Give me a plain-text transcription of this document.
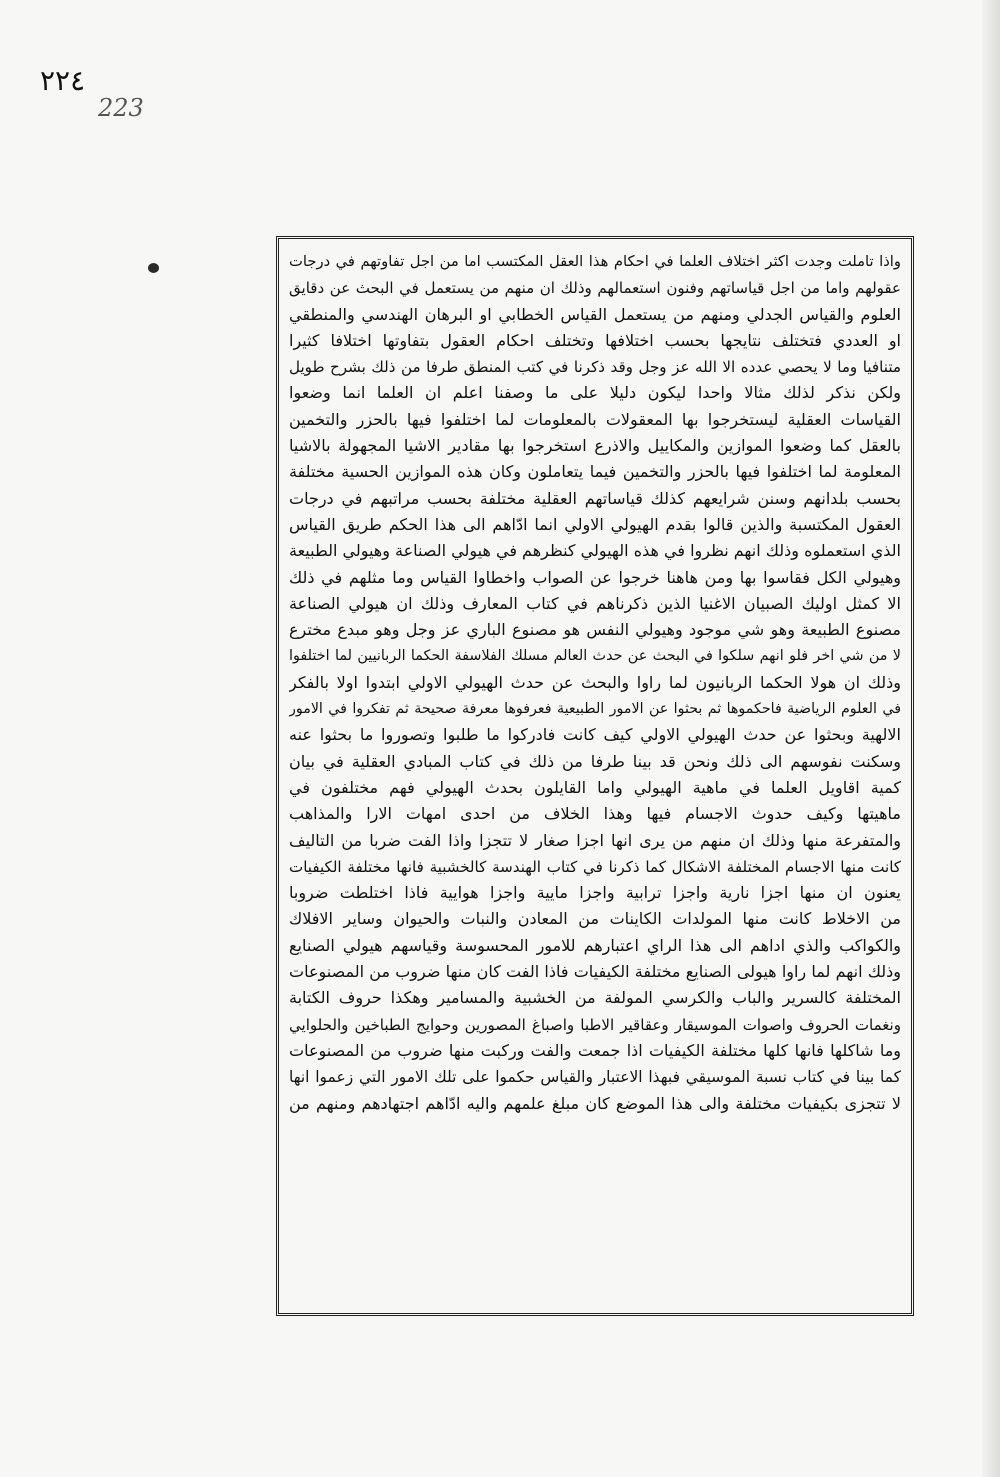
٢٢٤
223

واذا تاملت وجدت اكثر اختلاف العلما في احكام هذا العقل المكتسب اما من اجل تفاوتهم في درجات

عقولهم واما من اجل قياساتهم وفنون استعمالهم وذلك ان منهم من يستعمل في البحث عن دقايق

العلوم والقياس الجدلي ومنهم من يستعمل القياس الخطابي او البرهان الهندسي والمنطقي

او العددي فتختلف نتايجها بحسب اختلافها وتختلف احكام العقول بتفاوتها اختلافا كثيرا

متنافيا وما لا يحصي عدده الا الله عز وجل وقد ذكرنا في كتب المنطق طرفا من ذلك بشرح طويل

ولكن نذكر لذلك مثالا واحدا ليكون دليلا على ما وصفنا اعلم ان العلما انما وضعوا

القياسات العقلية ليستخرجوا بها المعقولات بالمعلومات لما اختلفوا فيها بالحزر والتخمين

بالعقل كما وضعوا الموازين والمكاييل والاذرع استخرجوا بها مقادير الاشيا المجهولة بالاشيا

المعلومة لما اختلفوا فيها بالحزر والتخمين فيما يتعاملون وكان هذه الموازين الحسية مختلفة

بحسب بلدانهم وسنن شرايعهم كذلك قياساتهم العقلية مختلفة بحسب مراتبهم في درجات

العقول المكتسبة والذين قالوا بقدم الهيولي الاولي انما ادّاهم الى هذا الحكم طريق القياس

الذي استعملوه وذلك انهم نظروا في هذه الهيولي كنظرهم في هيولي الصناعة وهيولي الطبيعة

وهيولي الكل فقاسوا بها ومن هاهنا خرجوا عن الصواب واخطاوا القياس وما مثلهم في ذلك

الا كمثل اوليك الصبيان الاغنيا الذين ذكرناهم في كتاب المعارف وذلك ان هيولي الصناعة

مصنوع الطبيعة وهو شي موجود وهيولي النفس هو مصنوع الباري عز وجل وهو مبدع مخترع

لا من شي اخر فلو انهم سلكوا في البحث عن حدث العالم مسلك الفلاسفة الحكما الربانيين لما اختلفوا

وذلك ان هولا الحكما الربانيون لما راوا والبحث عن حدث الهيولي الاولي ابتدوا اولا بالفكر

في العلوم الرياضية فاحكموها ثم بحثوا عن الامور الطبيعية فعرفوها معرفة صحيحة ثم تفكروا في الامور

الالهية وبحثوا عن حدث الهيولي الاولي كيف كانت فادركوا ما طلبوا وتصوروا ما بحثوا عنه

وسكنت نفوسهم الى ذلك ونحن قد بينا طرفا من ذلك في كتاب المبادي العقلية في بيان

كمية اقاويل العلما في ماهية الهيولي واما القايلون بحدث الهيولي فهم مختلفون في

ماهيتها وكيف حدوث الاجسام فيها وهذا الخلاف من احدى امهات الارا والمذاهب

والمتفرعة منها وذلك ان منهم من يرى انها اجزا صغار لا تتجزا واذا الفت ضربا من التاليف

كانت منها الاجسام المختلفة الاشكال كما ذكرنا في كتاب الهندسة كالخشبية فانها مختلفة الكيفيات

يعنون ان منها اجزا نارية واجزا ترابية واجزا مايية واجزا هوايية فاذا اختلطت ضروبا

من الاخلاط كانت منها المولدات الكاينات من المعادن والنبات والحيوان وساير الافلاك

والكواكب والذي اداهم الى هذا الراي اعتبارهم للامور المحسوسة وقياسهم هيولي الصنايع

وذلك انهم لما راوا هيولى الصنايع مختلفة الكيفيات فاذا الفت كان منها ضروب من المصنوعات

المختلفة كالسرير والباب والكرسي المولفة من الخشبية والمسامير وهكذا حروف الكتابة

ونغمات الحروف واصوات الموسيقار وعقاقير الاطبا واصباغ المصورين وحوايج الطباخين والحلوايي

وما شاكلها فانها كلها مختلفة الكيفيات اذا جمعت والفت وركبت منها ضروب من المصنوعات

كما بينا في كتاب نسبة الموسيقي فبهذا الاعتبار والقياس حكموا على تلك الامور التي زعموا انها

لا تتجزى بكيفيات مختلفة والى هذا الموضع كان مبلغ علمهم واليه ادّاهم اجتهادهم ومنهم من
